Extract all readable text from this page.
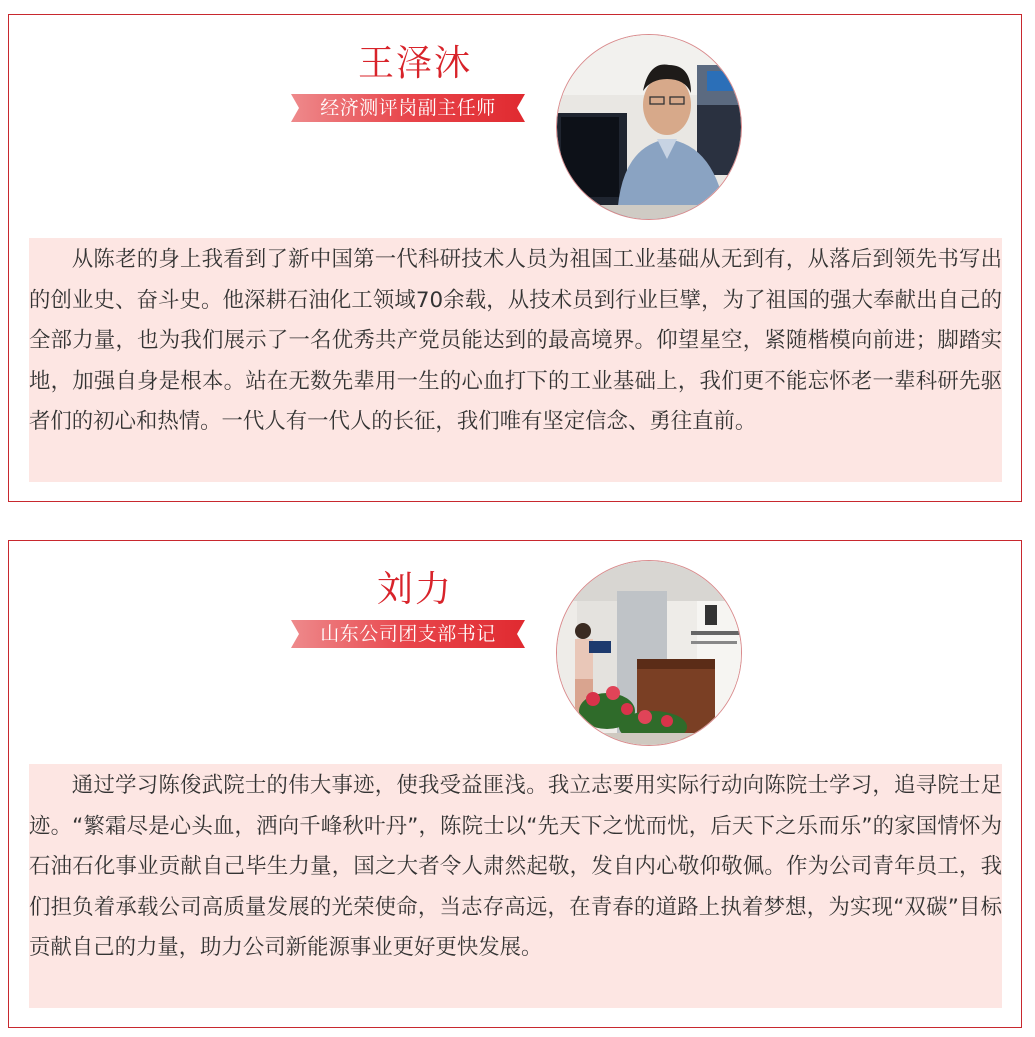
王泽沐
经济测评岗副主任师

从陈老的身上我看到了新中国第一代科研技术人员为祖国工业基础从无到有，从落后到领先书写出的创业史、奋斗史。他深耕石油化工领域70余载，从技术员到行业巨擘，为了祖国的强大奉献出自己的全部力量，也为我们展示了一名优秀共产党员能达到的最高境界。仰望星空，紧随楷模向前进；脚踏实地，加强自身是根本。站在无数先辈用一生的心血打下的工业基础上，我们更不能忘怀老一辈科研先驱者们的初心和热情。一代人有一代人的长征，我们唯有坚定信念、勇往直前。

刘力
山东公司团支部书记

通过学习陈俊武院士的伟大事迹，使我受益匪浅。我立志要用实际行动向陈院士学习，追寻院士足迹。“繁霜尽是心头血，洒向千峰秋叶丹”，陈院士以“先天下之忧而忧，后天下之乐而乐”的家国情怀为石油石化事业贡献自己毕生力量，国之大者令人肃然起敬，发自内心敬仰敬佩。作为公司青年员工，我们担负着承载公司高质量发展的光荣使命，当志存高远，在青春的道路上执着梦想，为实现“双碳”目标贡献自己的力量，助力公司新能源事业更好更快发展。
